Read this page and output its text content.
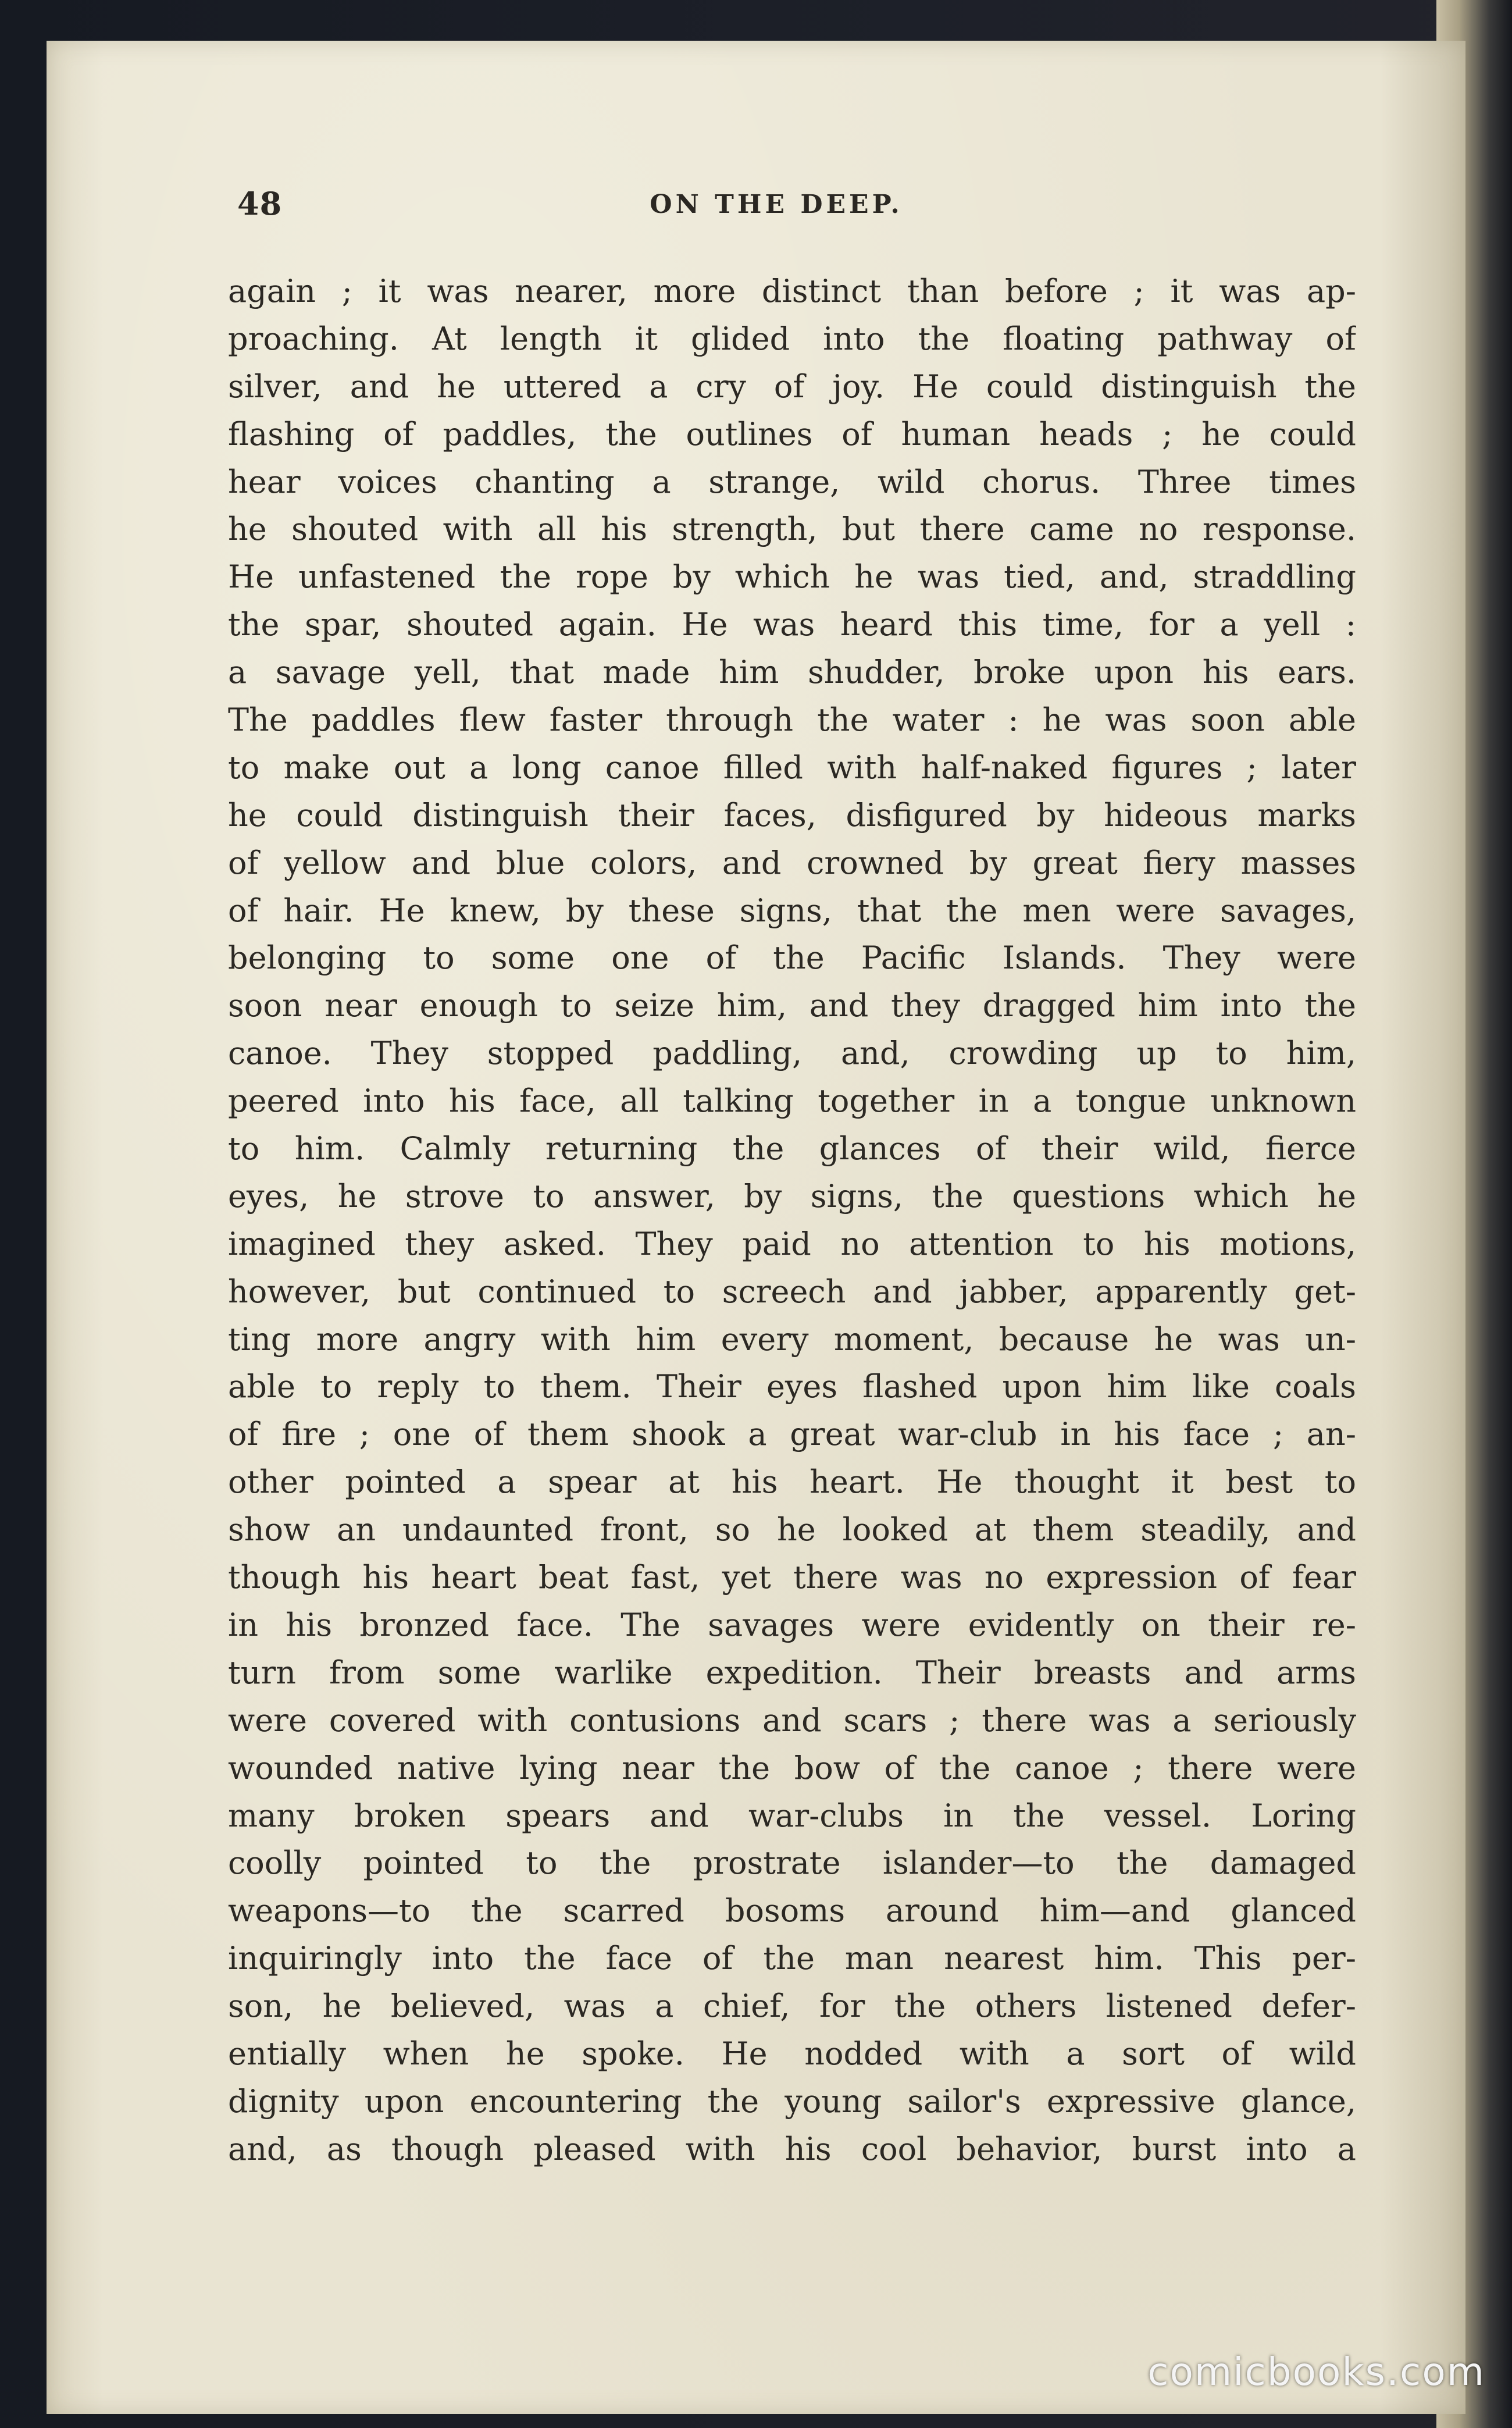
48	ON THE DEEP.
again ; it was nearer, more distinct than before ; it was ap-
proaching. At length it glided into the floating pathway of
silver, and he uttered a cry of joy. He could distinguish the
flashing of paddles, the outlines of human heads ; he could
hear voices chanting a strange, wild chorus. Three times
he shouted with all his strength, but there came no response.
He unfastened the rope by which he was tied, and, straddling
the spar, shouted again. He was heard this time, for a yell :
a savage yell, that made him shudder, broke upon his ears.
The paddles flew faster through the water : he was soon able
to make out a long canoe filled with half-naked figures ; later
he could distinguish their faces, disfigured by hideous marks
of yellow and blue colors, and crowned by great fiery masses
of hair. He knew, by these signs, that the men were savages,
belonging to some one of the Pacific Islands. They were
soon near enough to seize him, and they dragged him into the
canoe. They stopped paddling, and, crowding up to him,
peered into his face, all talking together in a tongue unknown
to him. Calmly returning the glances of their wild, fierce
eyes, he strove to answer, by signs, the questions which he
imagined they asked. They paid no attention to his motions,
however, but continued to screech and jabber, apparently get-
ting more angry with him every moment, because he was un-
able to reply to them. Their eyes flashed upon him like coals
of fire ; one of them shook a great war-club in his face ; an-
other pointed a spear at his heart. He thought it best to
show an undaunted front, so he looked at them steadily, and
though his heart beat fast, yet there was no expression of fear
in his bronzed face. The savages were evidently on their re-
turn from some warlike expedition. Their breasts and arms
were covered with contusions and scars ; there was a seriously
wounded native lying near the bow of the canoe ; there were
many broken spears and war-clubs in the vessel. Loring
coolly pointed to the prostrate islander—to the damaged
weapons—to the scarred bosoms around him—and glanced
inquiringly into the face of the man nearest him. This per-
son, he believed, was a chief, for the others listened defer-
entially when he spoke. He nodded with a sort of wild
dignity upon encountering the young sailor's expressive glance,
and, as though pleased with his cool behavior, burst into a
comicbooks.com
